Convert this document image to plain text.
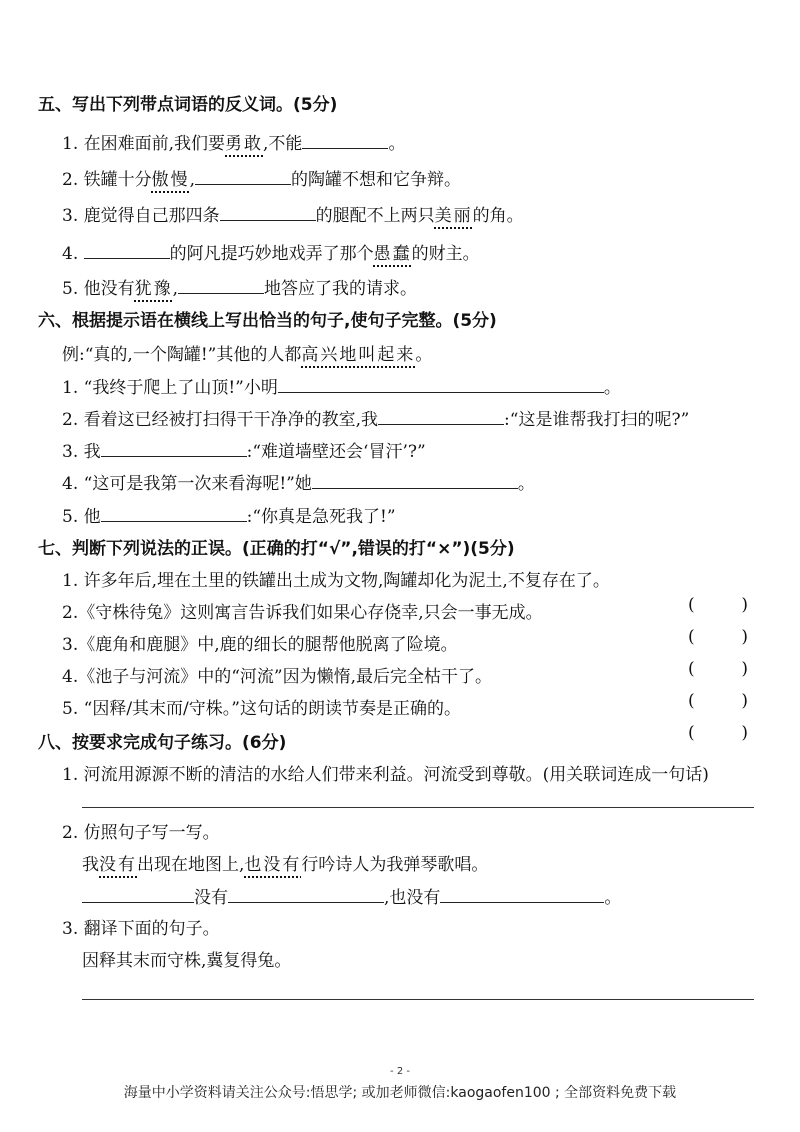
五、写出下列带点词语的反义词。(5分)
1. 在困难面前,我们要勇敢,不能	。
2. 铁罐十分傲慢,	的陶罐不想和它争辩。
3. 鹿觉得自己那四条	的腿配不上两只美丽的角。
4.	的阿凡提巧妙地戏弄了那个愚蠢的财主。
5. 他没有犹豫,	地答应了我的请求。
六、根据提示语在横线上写出恰当的句子,使句子完整。(5分)
例:“真的,一个陶罐!”其他的人都高兴地叫起来。
1. “我终于爬上了山顶!”小明	。
2. 看着这已经被打扫得干干净净的教室,我	:“这是谁帮我打扫的呢?”
3. 我	:“难道墙壁还会‘冒汗’?”
4. “这可是我第一次来看海呢!”她	。
5. 他	:“你真是急死我了!”
七、判断下列说法的正误。(正确的打“√”,错误的打“×”)(5分)
1. 许多年后,埋在土里的铁罐出土成为文物,陶罐却化为泥土,不复存在了。
(	)
2.《守株待兔》这则寓言告诉我们如果心存侥幸,只会一事无成。
(	)
3.《鹿角和鹿腿》中,鹿的细长的腿帮他脱离了险境。
(	)
4.《池子与河流》中的“河流”因为懒惰,最后完全枯干了。
(	)
5. “因释/其末而/守株。”这句话的朗读节奏是正确的。
(	)
八、按要求完成句子练习。(6分)
1. 河流用源源不断的清洁的水给人们带来利益。河流受到尊敬。(用关联词连成一句话)
2. 仿照句子写一写。
我没有出现在地图上,也没有行吟诗人为我弹琴歌唱。
没有	,也没有	。
3. 翻译下面的句子。
因释其末而守株,冀复得兔。
- 2 -
海量中小学资料请关注公众号:悟思学; 或加老师微信:kaogaofen100 ; 全部资料免费下载
